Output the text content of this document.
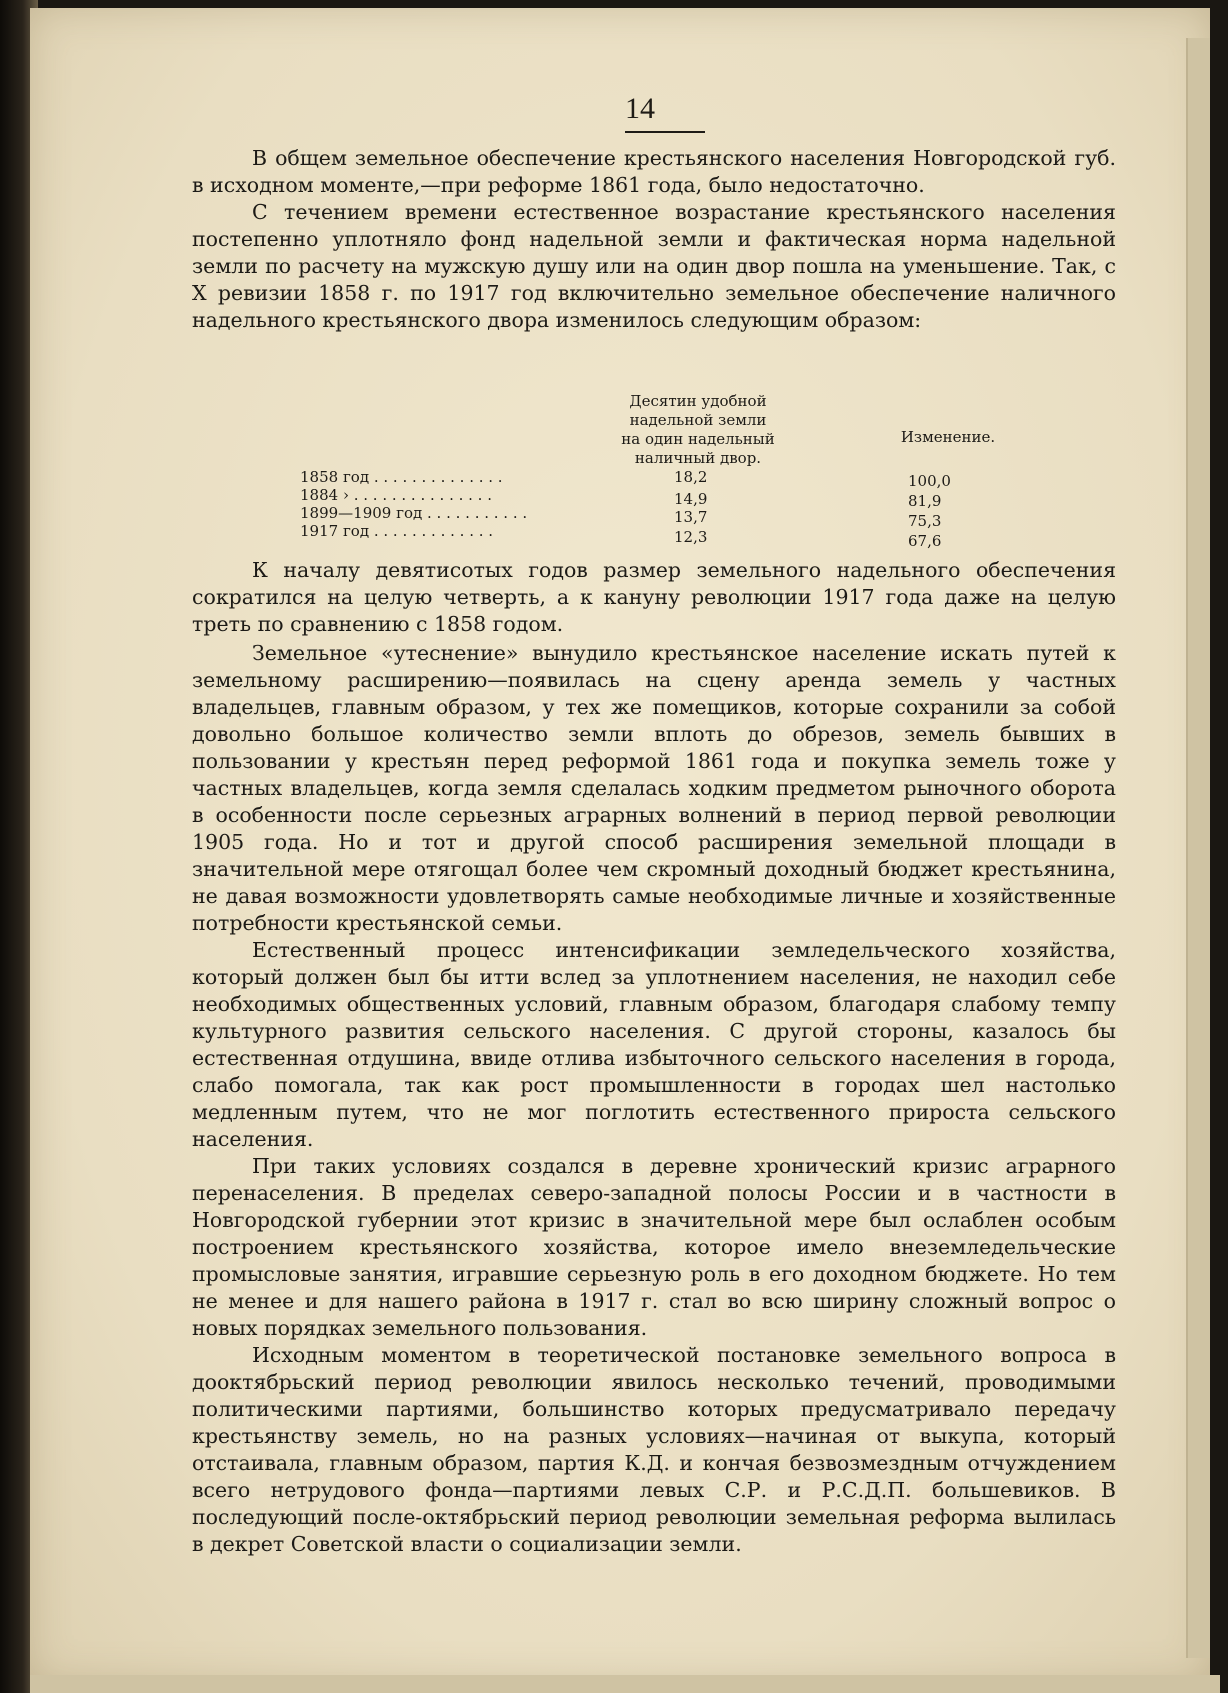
14

В общем земельное обеспечение крестьянского населения Новгородской губ. в исходном моменте,—при реформе 1861 года, было недостаточно.

С течением времени естественное возрастание крестьянского населения постепенно уплотняло фонд надельной земли и фактическая норма надельной земли по расчету на мужскую душу или на один двор пошла на уменьшение. Так, с X ревизии 1858 г. по 1917 год включительно земельное обеспечение наличного надельного крестьянского двора изменилось следующим образом:

Десятин удобной
надельной земли
на один надельный
наличный двор.
Изменение.
1858 год . . . . . . . . . . . . . .	18,2	100,0
1884 › . . . . . . . . . . . . . . .	14,9	81,9
1899—1909 год . . . . . . . . . . .	13,7	75,3
1917 год . . . . . . . . . . . . .	12,3	67,6

К началу девятисотых годов размер земельного надельного обеспечения сократился на целую четверть, а к кануну революции 1917 года даже на целую треть по сравнению с 1858 годом.

Земельное «утеснение» вынудило крестьянское население искать путей к земельному расширению—появилась на сцену аренда земель у частных владельцев, главным образом, у тех же помещиков, которые сохранили за собой довольно большое количество земли вплоть до обрезов, земель бывших в пользовании у крестьян перед реформой 1861 года и покупка земель тоже у частных владельцев, когда земля сделалась ходким предметом рыночного оборота в особенности после серьезных аграрных волнений в период первой революции 1905 года. Но и тот и другой способ расширения земельной площади в значительной мере отягощал более чем скромный доходный бюджет крестьянина, не давая возможности удовлетворять самые необходимые личные и хозяйственные потребности крестьянской семьи.

Естественный процесс интенсификации земледельческого хозяйства, который должен был бы итти вслед за уплотнением населения, не находил себе необходимых общественных условий, главным образом, благодаря слабому темпу культурного развития сельского населения. С другой стороны, казалось бы естественная отдушина, ввиде отлива избыточного сельского населения в города, слабо помогала, так как рост промышленности в городах шел настолько медленным путем, что не мог поглотить естественного прироста сельского населения.

При таких условиях создался в деревне хронический кризис аграрного перенаселения. В пределах северо-западной полосы России и в частности в Новгородской губернии этот кризис в значительной мере был ослаблен особым построением крестьянского хозяйства, которое имело внеземледельческие промысловые занятия, игравшие серьезную роль в его доходном бюджете. Но тем не менее и для нашего района в 1917 г. стал во всю ширину сложный вопрос о новых порядках земельного пользования.

Исходным моментом в теоретической постановке земельного вопроса в доoктябрьский период революции явилось несколько течений, проводимыми политическими партиями, большинство которых предусматривало передачу крестьянству земель, но на разных условиях—начиная от выкупа, который отстаивала, главным образом, партия К.Д. и кончая безвозмездным отчуждением всего нетрудового фонда—партиями левых С.Р. и Р.С.Д.П. большевиков. В последующий после-октябрьский период революции земельная реформа вылилась в декрет Советской власти о социализации земли.
